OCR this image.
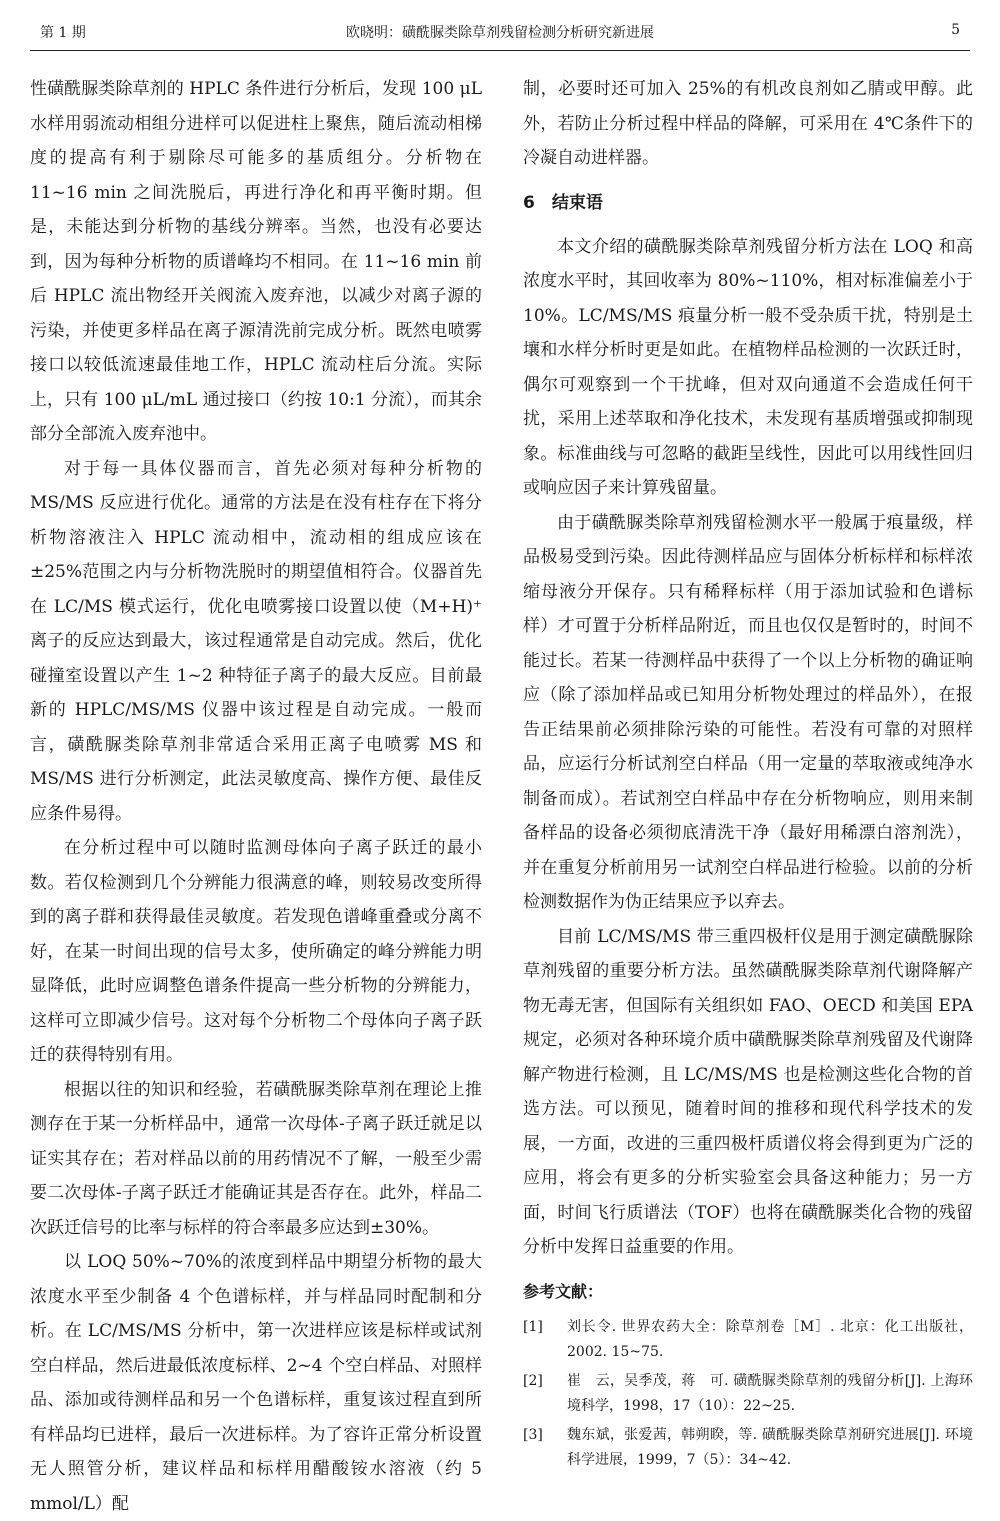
第 1 期	欧晓明：磺酰脲类除草剂残留检测分析研究新进展	5

性磺酰脲类除草剂的 HPLC 条件进行分析后，发现 100 μL 水样用弱流动相组分进样可以促进柱上聚焦，随后流动相梯度的提高有利于剔除尽可能多的基质组分。分析物在 11~16 min 之间洗脱后，再进行净化和再平衡时期。但是，未能达到分析物的基线分辨率。当然，也没有必要达到，因为每种分析物的质谱峰均不相同。在 11~16 min 前后 HPLC 流出物经开关阀流入废弃池，以减少对离子源的污染，并使更多样品在离子源清洗前完成分析。既然电喷雾接口以较低流速最佳地工作，HPLC 流动柱后分流。实际上，只有 100 μL/mL 通过接口（约按 10:1 分流），而其余部分全部流入废弃池中。

对于每一具体仪器而言，首先必须对每种分析物的 MS/MS 反应进行优化。通常的方法是在没有柱存在下将分析物溶液注入 HPLC 流动相中，流动相的组成应该在±25%范围之内与分析物洗脱时的期望值相符合。仪器首先在 LC/MS 模式运行，优化电喷雾接口设置以使（M+H)⁺离子的反应达到最大，该过程通常是自动完成。然后，优化碰撞室设置以产生 1~2 种特征子离子的最大反应。目前最新的 HPLC/MS/MS 仪器中该过程是自动完成。一般而言，磺酰脲类除草剂非常适合采用正离子电喷雾 MS 和 MS/MS 进行分析测定，此法灵敏度高、操作方便、最佳反应条件易得。

在分析过程中可以随时监测母体向子离子跃迁的最小数。若仅检测到几个分辨能力很满意的峰，则较易改变所得到的离子群和获得最佳灵敏度。若发现色谱峰重叠或分离不好，在某一时间出现的信号太多，使所确定的峰分辨能力明显降低，此时应调整色谱条件提高一些分析物的分辨能力，这样可立即减少信号。这对每个分析物二个母体向子离子跃迁的获得特别有用。

根据以往的知识和经验，若磺酰脲类除草剂在理论上推测存在于某一分析样品中，通常一次母体-子离子跃迁就足以证实其存在；若对样品以前的用药情况不了解，一般至少需要二次母体-子离子跃迁才能确证其是否存在。此外，样品二次跃迁信号的比率与标样的符合率最多应达到±30%。

以 LOQ 50%~70%的浓度到样品中期望分析物的最大浓度水平至少制备 4 个色谱标样，并与样品同时配制和分析。在 LC/MS/MS 分析中，第一次进样应该是标样或试剂空白样品，然后进最低浓度标样、2~4 个空白样品、对照样品、添加或待测样品和另一个色谱标样，重复该过程直到所有样品均已进样，最后一次进标样。为了容许正常分析设置无人照管分析，建议样品和标样用醋酸铵水溶液（约 5 mmol/L）配

制，必要时还可加入 25%的有机改良剂如乙腈或甲醇。此外，若防止分析过程中样品的降解，可采用在 4℃条件下的冷凝自动进样器。

6　结束语

本文介绍的磺酰脲类除草剂残留分析方法在 LOQ 和高浓度水平时，其回收率为 80%~110%，相对标准偏差小于 10%。LC/MS/MS 痕量分析一般不受杂质干扰，特别是土壤和水样分析时更是如此。在植物样品检测的一次跃迁时，偶尔可观察到一个干扰峰，但对双向通道不会造成任何干扰，采用上述萃取和净化技术，未发现有基质增强或抑制现象。标准曲线与可忽略的截距呈线性，因此可以用线性回归或响应因子来计算残留量。

由于磺酰脲类除草剂残留检测水平一般属于痕量级，样品极易受到污染。因此待测样品应与固体分析标样和标样浓缩母液分开保存。只有稀释标样（用于添加试验和色谱标样）才可置于分析样品附近，而且也仅仅是暂时的，时间不能过长。若某一待测样品中获得了一个以上分析物的确证响应（除了添加样品或已知用分析物处理过的样品外），在报告正结果前必须排除污染的可能性。若没有可靠的对照样品，应运行分析试剂空白样品（用一定量的萃取液或纯净水制备而成）。若试剂空白样品中存在分析物响应，则用来制备样品的设备必须彻底清洗干净（最好用稀漂白溶剂洗），并在重复分析前用另一试剂空白样品进行检验。以前的分析检测数据作为伪正结果应予以弃去。

目前 LC/MS/MS 带三重四极杆仪是用于测定磺酰脲除草剂残留的重要分析方法。虽然磺酰脲类除草剂代谢降解产物无毒无害，但国际有关组织如 FAO、OECD 和美国 EPA 规定，必须对各种环境介质中磺酰脲类除草剂残留及代谢降解产物进行检测，且 LC/MS/MS 也是检测这些化合物的首选方法。可以预见，随着时间的推移和现代科学技术的发展，一方面，改进的三重四极杆质谱仪将会得到更为广泛的应用，将会有更多的分析实验室会具备这种能力；另一方面，时间飞行质谱法（TOF）也将在磺酰脲类化合物的残留分析中发挥日益重要的作用。

参考文献：
[1] 刘长令. 世界农药大全：除草剂卷［M］. 北京：化工出版社，2002. 15~75.
[2] 崔　云，吴季茂，蒋　可. 磺酰脲类除草剂的残留分析[J]. 上海环境科学，1998，17（10）：22~25.
[3] 魏东斌，张爱茜，韩朔睽，等. 磺酰脲类除草剂研究进展[J]. 环境科学进展，1999，7（5）：34~42.
